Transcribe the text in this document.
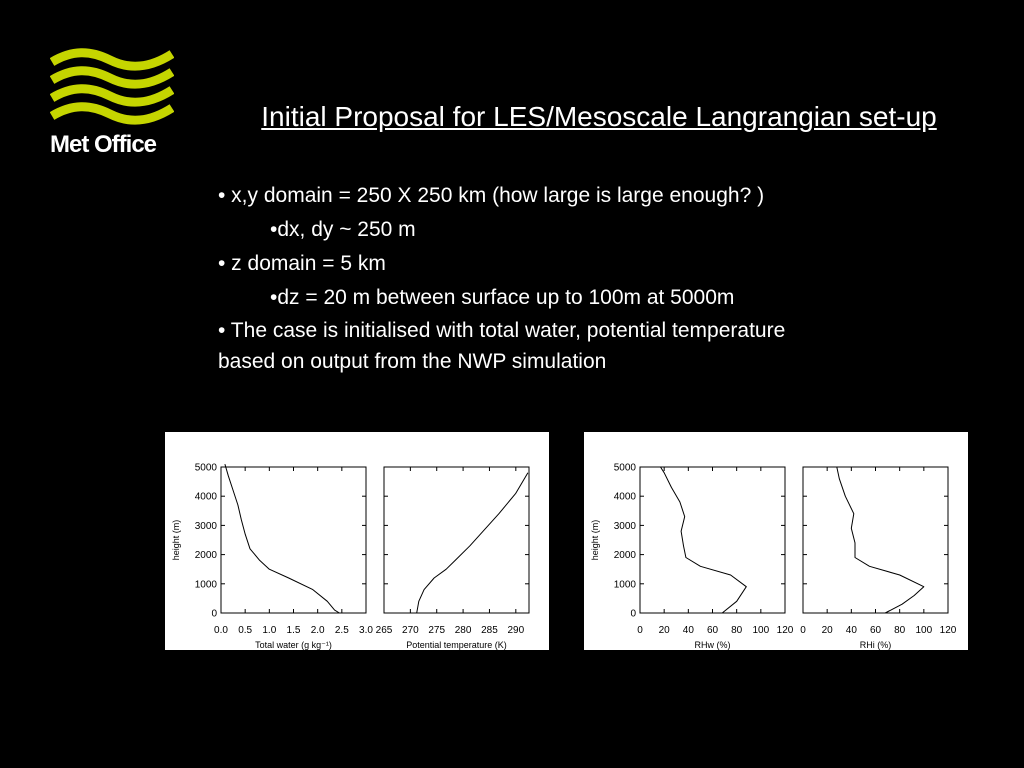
Met Office
Initial Proposal for LES/Mesoscale Langrangian set-up
• x,y domain = 250 X 250 km (how large is large enough? )
•dx, dy ~ 250 m
• z domain = 5 km
•dz = 20 m between surface up to 100m at 5000m
• The case is initialised with total water, potential temperature
based on output from the NWP simulation
0
1000
2000
3000
4000
5000
0.0 0.5 1.0 1.5 2.0 2.5 3.0
Total water (g kg⁻¹)
height (m)
265 270 275 280 285 290
Potential temperature (K)
0
1000
2000
3000
4000
5000
0 20 40 60 80 100 120
RHw (%)
height (m)
0 20 40 60 80 100 120
RHi (%)
